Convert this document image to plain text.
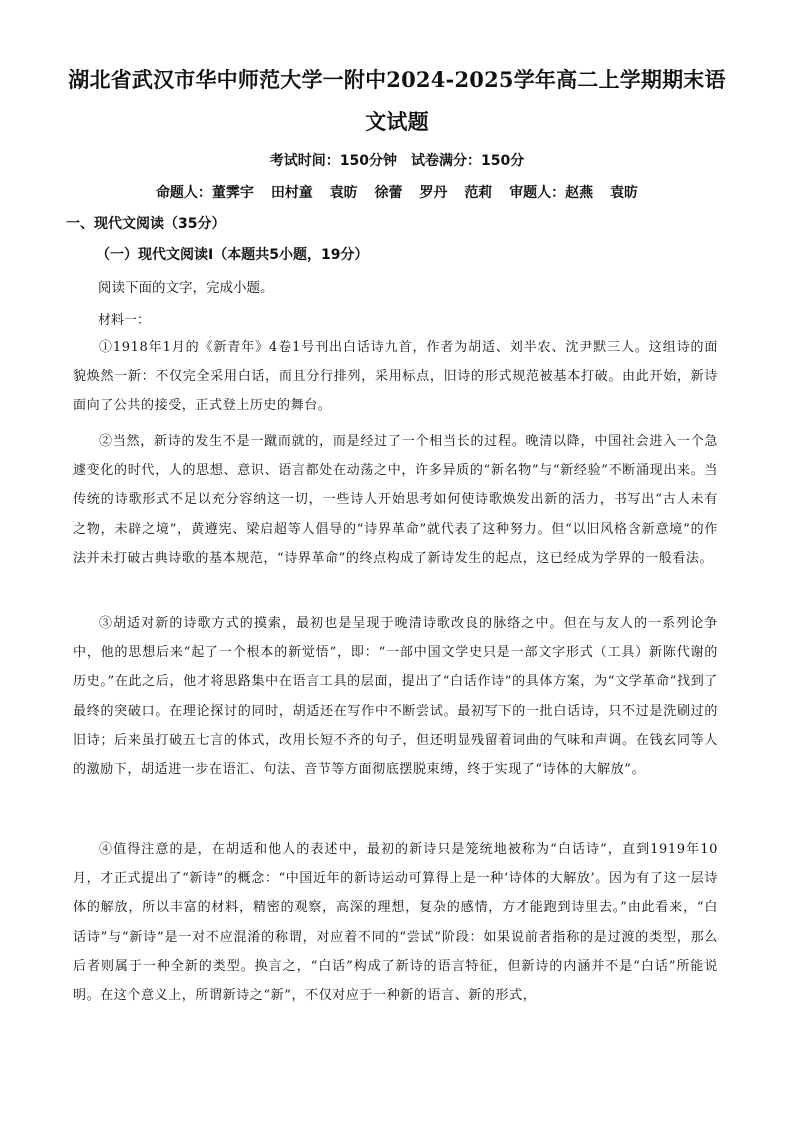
湖北省武汉市华中师范大学一附中2024-2025学年高二上学期期末语
文试题
考试时间：150分钟　试卷满分：150分
命题人：董霁宇 田村童 袁昉 徐蕾 罗丹 范莉 审题人：赵燕 袁昉
一、现代文阅读（35分）
（一）现代文阅读Ⅰ（本题共5小题，19分）
阅读下面的文字，完成小题。
材料一：

①1918年1月的《新青年》4卷1号刊出白话诗九首，作者为胡适、刘半农、沈尹默三人。这组诗的面貌焕然一新：不仅完全采用白话，而且分行排列，采用标点，旧诗的形式规范被基本打破。由此开始，新诗面向了公共的接受，正式登上历史的舞台。

②当然，新诗的发生不是一蹴而就的，而是经过了一个相当长的过程。晚清以降，中国社会进入一个急遽变化的时代，人的思想、意识、语言都处在动荡之中，许多异质的“新名物”与“新经验”不断涌现出来。当传统的诗歌形式不足以充分容纳这一切，一些诗人开始思考如何使诗歌焕发出新的活力，书写出“古人未有之物，未辟之境”，黄遵宪、梁启超等人倡导的“诗界革命”就代表了这种努力。但“以旧风格含新意境”的作法并未打破古典诗歌的基本规范，“诗界革命”的终点构成了新诗发生的起点，这已经成为学界的一般看法。

③胡适对新的诗歌方式的摸索，最初也是呈现于晚清诗歌改良的脉络之中。但在与友人的一系列论争中，他的思想后来“起了一个根本的新觉悟”，即：“一部中国文学史只是一部文字形式（工具）新陈代谢的历史。”在此之后，他才将思路集中在语言工具的层面，提出了“白话作诗”的具体方案，为“文学革命”找到了最终的突破口。在理论探讨的同时，胡适还在写作中不断尝试。最初写下的一批白话诗，只不过是洗刷过的旧诗；后来虽打破五七言的体式，改用长短不齐的句子，但还明显残留着词曲的气味和声调。在钱玄同等人的激励下，胡适进一步在语汇、句法、音节等方面彻底摆脱束缚，终于实现了“诗体的大解放”。

④值得注意的是，在胡适和他人的表述中，最初的新诗只是笼统地被称为“白话诗”，直到1919年10月，才正式提出了“新诗”的概念：“中国近年的新诗运动可算得上是一种‘诗体的大解放’。因为有了这一层诗体的解放，所以丰富的材料，精密的观察，高深的理想，复杂的感情，方才能跑到诗里去。”由此看来，“白话诗”与“新诗”是一对不应混淆的称谓，对应着不同的“尝试”阶段：如果说前者指称的是过渡的类型，那么后者则属于一种全新的类型。换言之，“白话”构成了新诗的语言特征，但新诗的内涵并不是“白话”所能说明。在这个意义上，所谓新诗之“新”，不仅对应于一种新的语言、新的形式，
